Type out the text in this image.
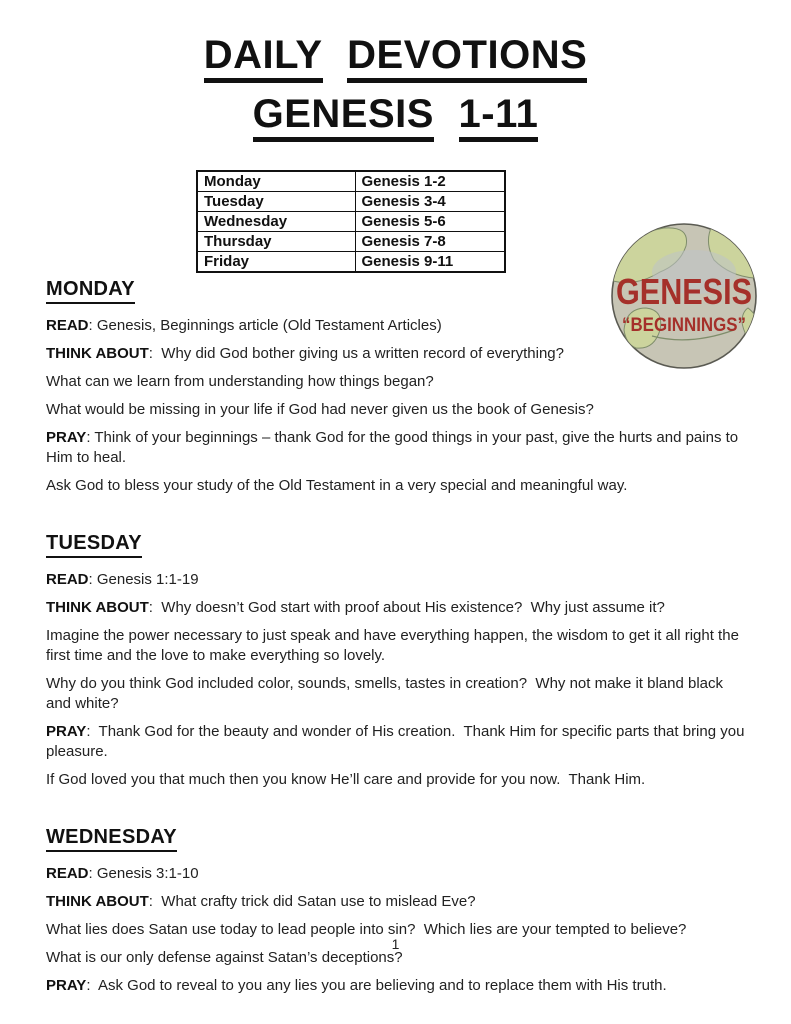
DAILY DEVOTIONS
GENESIS 1-11
Monday	Genesis 1-2
Tuesday	Genesis 3-4
Wednesday	Genesis 5-6
Thursday	Genesis 7-8
Friday	Genesis 9-11
GENESIS
“BEGINNINGS”
MONDAY

READ: Genesis, Beginnings article (Old Testament Articles)

THINK ABOUT:  Why did God bother giving us a written record of everything?

What can we learn from understanding how things began?

What would be missing in your life if God had never given us the book of Genesis?

PRAY: Think of your beginnings – thank God for the good things in your past, give the hurts and pains to Him to heal.

Ask God to bless your study of the Old Testament in a very special and meaningful way.

TUESDAY

READ: Genesis 1:1-19

THINK ABOUT:  Why doesn’t God start with proof about His existence?  Why just assume it?

Imagine the power necessary to just speak and have everything happen, the wisdom to get it all right the first time and the love to make everything so lovely.

Why do you think God included color, sounds, smells, tastes in creation?  Why not make it bland black and white?

PRAY:  Thank God for the beauty and wonder of His creation.  Thank Him for specific parts that bring you pleasure.

If God loved you that much then you know He’ll care and provide for you now.  Thank Him.

WEDNESDAY

READ: Genesis 3:1-10

THINK ABOUT:  What crafty trick did Satan use to mislead Eve?

What lies does Satan use today to lead people into sin?  Which lies are your tempted to believe?

What is our only defense against Satan’s deceptions?

PRAY:  Ask God to reveal to you any lies you are believing and to replace them with His truth.

1
